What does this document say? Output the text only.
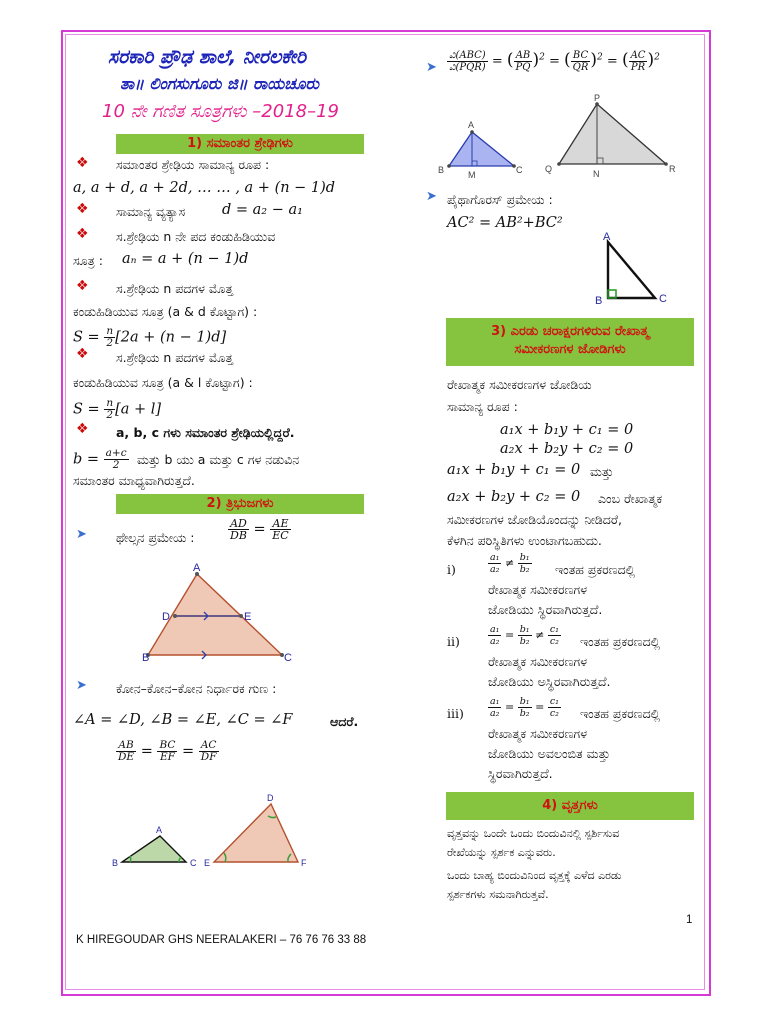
ಸರಕಾರಿ ಪ್ರೌಢ ಶಾಲೆ, ನೀರಲಕೇರಿ
ತಾ॥ ಲಿಂಗಸುಗೂರು ಜಿ॥ ರಾಯಚೂರು
10 ನೇ ಗಣಿತ ಸೂತ್ರಗಳು –2018–19
1) ಸಮಾಂತರ ಶ್ರೇಢಿಗಳು
❖ ಸಮಾಂತರ ಶ್ರೇಢಿಯ ಸಾಮಾನ್ಯ ರೂಪ :
a, a + d, a + 2d, … … , a + (n − 1)d
❖ ಸಾಮಾನ್ಯ ವ್ಯತ್ಯಾಸ	d = a₂ − a₁
❖ ಸ.ಶ್ರೇಢಿಯ n ನೇ ಪದ ಕಂಡುಹಿಡಿಯುವ
ಸೂತ್ರ : aₙ = a + (n − 1)d
❖ ಸ.ಶ್ರೇಢಿಯ n ಪದಗಳ ಮೊತ್ತ
ಕಂಡುಹಿಡಿಯುವ ಸೂತ್ರ (a & d ಕೊಟ್ಟಾಗ) :
$S = \frac{n}{2} [2a + (n - 1)d]$
❖ ಸ.ಶ್ರೇಢಿಯ n ಪದಗಳ ಮೊತ್ತ
ಕಂಡುಹಿಡಿಯುವ ಸೂತ್ರ (a & l ಕೊಟ್ಟಾಗ) :
$S = \frac{n}{2} [a + l]$
❖ a, b, c ಗಳು ಸಮಾಂತರ ಶ್ರೇಢಿಯಲ್ಲಿದ್ದರೆ.
$b = \frac{a+c}{2}$ ಮತ್ತು b ಯು a ಮತ್ತು c ಗಳ ನಡುವಿನ
ಸಮಾಂತರ ಮಾಧ್ಯವಾಗಿರುತ್ತದೆ.
2) ತ್ರಿಭುಜಗಳು
➤ ಥೇಲ್ಸನ ಪ್ರಮೇಯ :	$\frac{AD}{DB} = \frac{AE}{EC}$
A
D	E
B	C
➤ ಕೋನ–ಕೋನ–ಕೋನ ನಿರ್ಧಾರಕ ಗುಣ :
∠A = ∠D, ∠B = ∠E, ∠C = ∠F	ಆದರೆ.
$\frac{AB}{DE} = \frac{BC}{EF} = \frac{AC}{DF}$
A
B	C
D
E	F
K HIREGOUDAR GHS NEERALAKERI – 76 76 76 33 88
➤ $\frac{\text{ವಿ(ABC)}}{\text{ವಿ(PQR)}}$ = ( $\frac{AB}{PQ} )^2$ = ( $\frac{BC}{QR} )^2$ = ( $\frac{AC}{PR} )^2$
A
B	M	C
P
Q	N	R
➤ ಪೈಥಾಗೊರಸ್ ಪ್ರಮೇಯ :
AC² = AB²+BC²
A
B	C
3) ಎರಡು ಚರಾಕ್ಷರಗಳಿರುವ ರೇಖಾತ್ಮ
ಸಮೀಕರಣಗಳ ಜೋಡಿಗಳು
ರೇಖಾತ್ಮಕ ಸಮೀಕರಣಗಳ ಜೋಡಿಯ
ಸಾಮಾನ್ಯ ರೂಪ :
a₁x + b₁y + c₁ = 0
a₂x + b₂y + c₂ = 0
a₁x + b₁y + c₁ = 0 ಮತ್ತು
a₂x + b₂y + c₂ = 0 ಎಂಬ ರೇಖಾತ್ಮಕ
ಸಮೀಕರಣಗಳ ಜೋಡಿಯೊಂದನ್ನು ನೀಡಿದರೆ,
ಕೆಳಗಿನ ಪರಿಸ್ಥಿತಿಗಳು ಉಂಟಾಗಬಹುದು.
i)	$\frac{\text{a₁}}{\text{a₂}} \ne \frac{\text{b₁}}{\text{b₂}}$ ಇಂತಹ ಪ್ರಕರಣದಲ್ಲಿ
ರೇಖಾತ್ಮಕ ಸಮೀಕರಣಗಳ
ಜೋಡಿಯು ಸ್ಥಿರವಾಗಿರುತ್ತದೆ.
ii)	$\frac{\text{a₁}}{\text{a₂}} = \frac{\text{b₁}}{\text{b₂}} \ne \frac{\text{c₁}}{\text{c₂}}$ ಇಂತಹ ಪ್ರಕರಣದಲ್ಲಿ
ರೇಖಾತ್ಮಕ ಸಮೀಕರಣಗಳ
ಜೋಡಿಯು ಅಸ್ಥಿರವಾಗಿರುತ್ತದೆ.
iii)	$\frac{\text{a₁}}{\text{a₂}} = \frac{\text{b₁}}{\text{b₂}} = \frac{\text{c₁}}{\text{c₂}}$ ಇಂತಹ ಪ್ರಕರಣದಲ್ಲಿ
ರೇಖಾತ್ಮಕ ಸಮೀಕರಣಗಳ
ಜೋಡಿಯು ಅವಲಂಬಿತ ಮತ್ತು
ಸ್ಥಿರವಾಗಿರುತ್ತದೆ.
4) ವೃತ್ತಗಳು
ವೃತ್ತವನ್ನು ಒಂದೇ ಒಂದು ಬಿಂದುವಿನಲ್ಲಿ ಸ್ಪರ್ಶಿಸುವ
ರೇಖೆಯನ್ನು ಸ್ಪರ್ಶಕ ಎನ್ನುವರು.
ಒಂದು ಬಾಹ್ಯ ಬಿಂದುವಿನಿಂದ ವೃತ್ತಕ್ಕೆ ಎಳೆದ ಎರಡು
ಸ್ಪರ್ಶಕಗಳು ಸಮನಾಗಿರುತ್ತವೆ.
1
